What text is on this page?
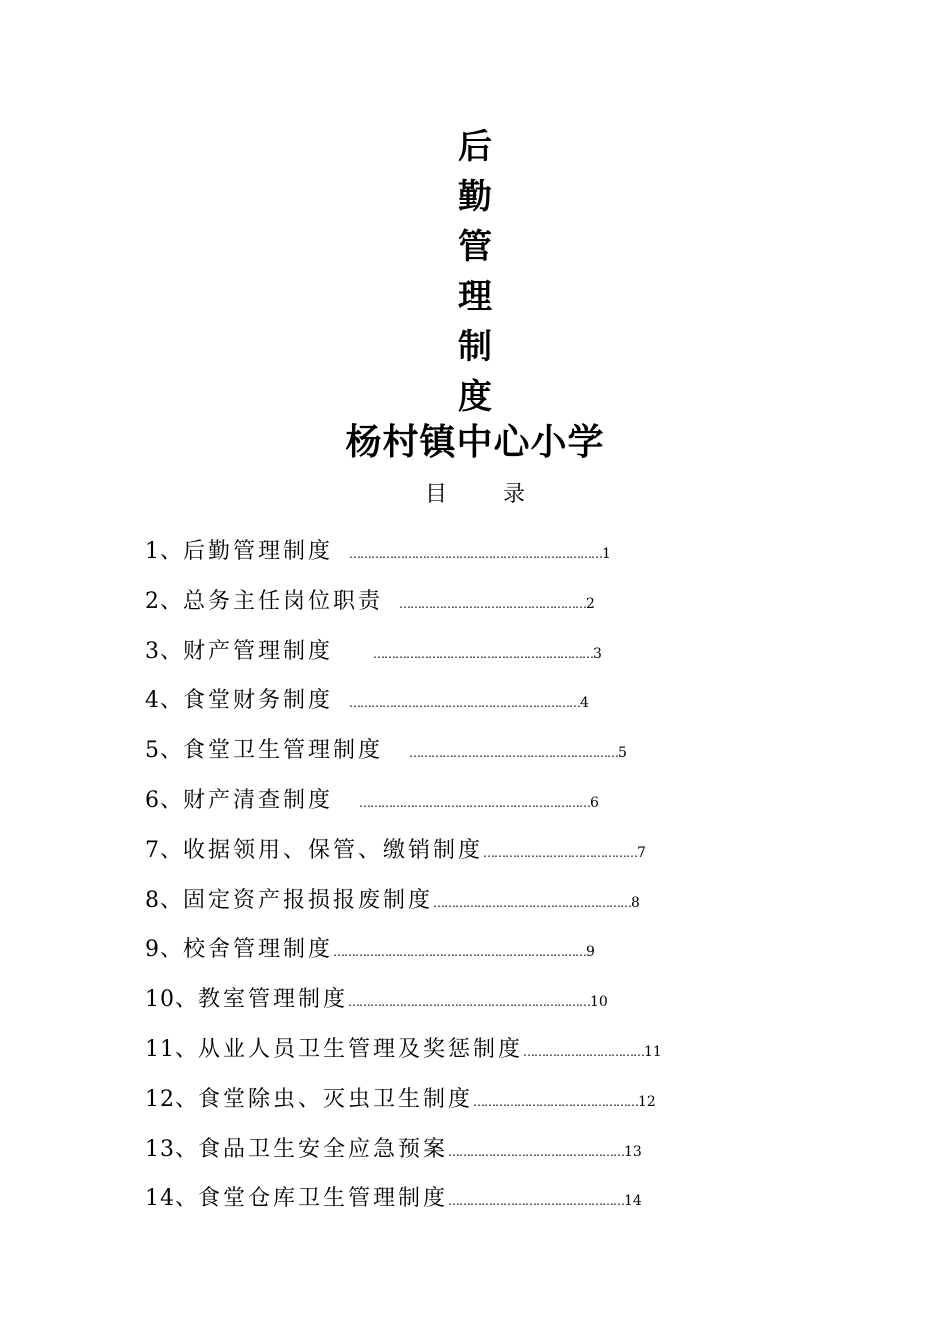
后
勤
管
理
制
度
杨村镇中心小学
目	录
1、 后勤管理制度 …………………………………………………………… 1
2、 总务主任岗位职责 …………………………………………… 2
3、 财产管理制度	…………………………………………………… 3
4、 食堂财务制度 ……………………………………………………… 4
5、 食堂卫生管理制度 ………………………………………………… 5
6、 财产清查制度 ……………………………………………………… 6
7、 收据领用、保管、缴销制度 …………………………………… 7
8、 固定资产报损报废制度 ……………………………………………… 8
9、 校舍管理制度 …………………………………………………………… 9
10、 教室管理制度 ………………………………………………………… 10
11、 从业人员卫生管理及奖惩制度 …………………………… 11
12、 食堂除虫、灭虫卫生制度 ……………………………………… 12
13、 食品卫生安全应急预案 ………………………………………… 13
14、 食堂仓库卫生管理制度 ………………………………………… 14
